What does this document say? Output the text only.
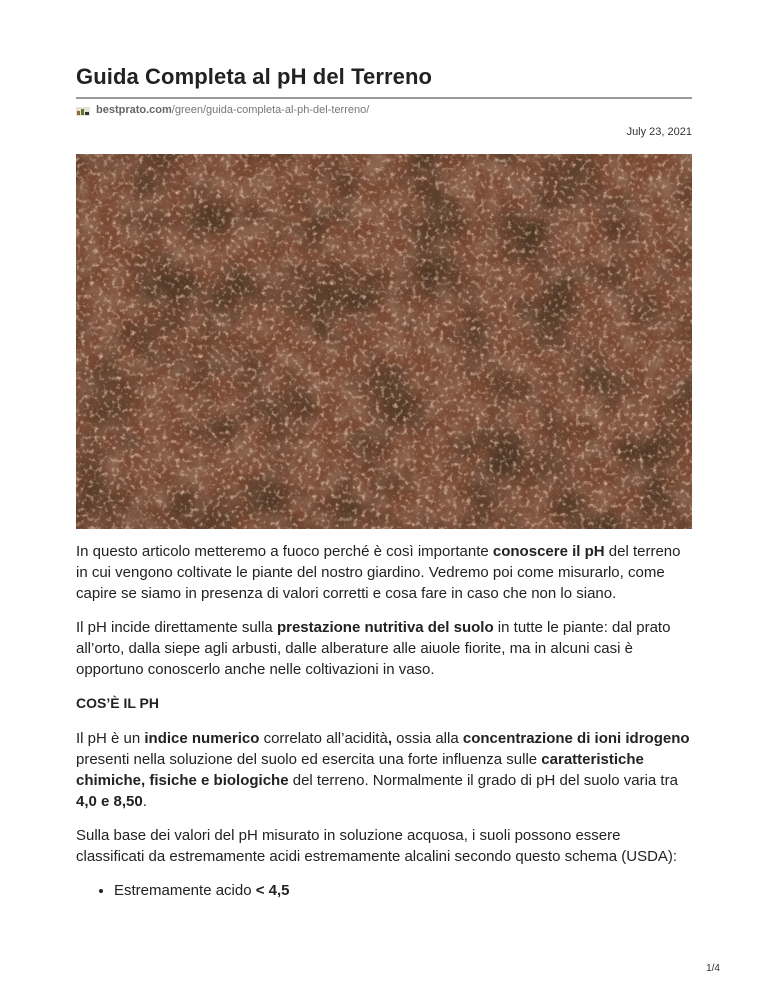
Guida Completa al pH del Terreno
bestprato.com /green/guida-completa-al-ph-del-terreno/
July 23, 2021

In questo articolo metteremo a fuoco perché è così importante conoscere il pH del terreno in cui vengono coltivate le piante del nostro giardino. Vedremo poi come misurarlo, come capire se siamo in presenza di valori corretti e cosa fare in caso che non lo siano.

Il pH incide direttamente sulla prestazione nutritiva del suolo in tutte le piante: dal prato all’orto, dalla siepe agli arbusti, dalle alberature alle aiuole fiorite, ma in alcuni casi è opportuno conoscerlo anche nelle coltivazioni in vaso.

COS’È IL PH

Il pH è un indice numerico correlato all’acidità, ossia alla concentrazione di ioni idrogeno presenti nella soluzione del suolo ed esercita una forte influenza sulle caratteristiche chimiche, fisiche e biologiche del terreno. Normalmente il grado di pH del suolo varia tra 4,0 e 8,50.

Sulla base dei valori del pH misurato in soluzione acquosa, i suoli possono essere classificati da estremamente acidi estremamente alcalini secondo questo schema (USDA):

• Estremamente acido < 4,5
1/4
